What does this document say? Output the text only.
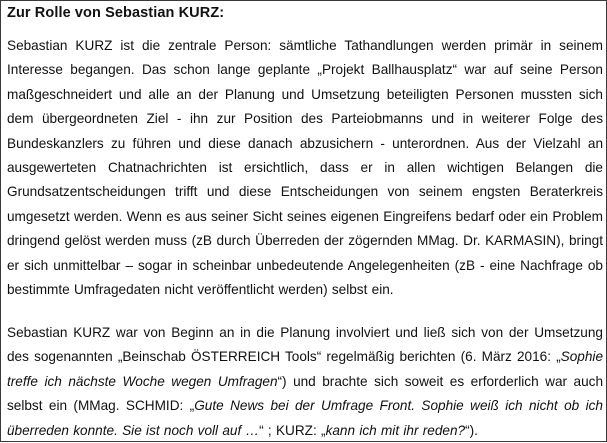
Zur Rolle von Sebastian KURZ:

Sebastian KURZ ist die zentrale Person: sämtliche Tathandlungen werden primär in seinem Interesse begangen. Das schon lange geplante „Projekt Ballhausplatz“ war auf seine Person maßgeschneidert und alle an der Planung und Umsetzung beteiligten Personen mussten sich dem übergeordneten Ziel - ihn zur Position des Parteiobmanns und in weiterer Folge des Bundeskanzlers zu führen und diese danach abzusichern - unterordnen. Aus der Vielzahl an ausgewerteten Chatnachrichten ist ersichtlich, dass er in allen wichtigen Belangen die Grundsatzentscheidungen trifft und diese Entscheidungen von seinem engsten Beraterkreis umgesetzt werden. Wenn es aus seiner Sicht seines eigenen Eingreifens bedarf oder ein Problem dringend gelöst werden muss (zB durch Überreden der zögernden MMag. Dr. KARMASIN), bringt er sich unmittelbar – sogar in scheinbar unbedeutende Angelegenheiten (zB - eine Nachfrage ob bestimmte Umfragedaten nicht veröffentlicht werden) selbst ein.

Sebastian KURZ war von Beginn an in die Planung involviert und ließ sich von der Umsetzung des sogenannten „Beinschab ÖSTERREICH Tools“ regelmäßig berichten (6. März 2016: „Sophie treffe ich nächste Woche wegen Umfragen“) und brachte sich soweit es erforderlich war auch selbst ein (MMag. SCHMID: „Gute News bei der Umfrage Front. Sophie weiß ich nicht ob ich überreden konnte. Sie ist noch voll auf …“ ; KURZ: „kann ich mit ihr reden?“).
